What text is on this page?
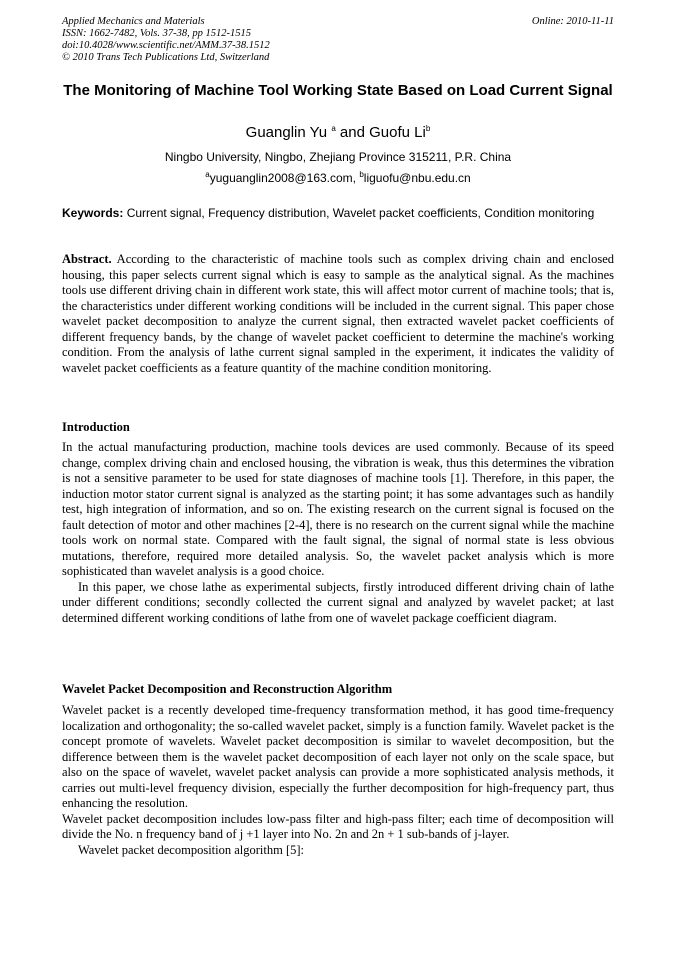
Applied Mechanics and Materials
ISSN: 1662-7482, Vols. 37-38, pp 1512-1515
doi:10.4028/www.scientific.net/AMM.37-38.1512
© 2010 Trans Tech Publications Ltd, Switzerland
Online: 2010-11-11
The Monitoring of Machine Tool Working State Based on Load Current Signal
Guanglin Yu $^a$ and Guofu Li$^b$
Ningbo University, Ningbo, Zhejiang Province 315211, P.R. China
$^a$yuguanglin2008@163.com, $^b$liguofu@nbu.edu.cn
Keywords: Current signal, Frequency distribution, Wavelet packet coefficients, Condition monitoring
Abstract. According to the characteristic of machine tools such as complex driving chain and enclosed housing, this paper selects current signal which is easy to sample as the analytical signal. As the machines tools use different driving chain in different work state, this will affect motor current of machine tools; that is, the characteristics under different working conditions will be included in the current signal. This paper chose wavelet packet decomposition to analyze the current signal, then extracted wavelet packet coefficients of different frequency bands, by the change of wavelet packet coefficient to determine the machine's working condition. From the analysis of lathe current signal sampled in the experiment, it indicates the validity of wavelet packet coefficients as a feature quantity of the machine condition monitoring.
Introduction

In the actual manufacturing production, machine tools devices are used commonly. Because of its speed change, complex driving chain and enclosed housing, the vibration is weak, thus this determines the vibration is not a sensitive parameter to be used for state diagnoses of machine tools [1]. Therefore, in this paper, the induction motor stator current signal is analyzed as the starting point; it has some advantages such as handily test, high integration of information, and so on. The existing research on the current signal is focused on the fault detection of motor and other machines [2-4], there is no research on the current signal while the machine tools work on normal state. Compared with the fault signal, the signal of normal state is less obvious mutations, therefore, required more detailed analysis. So, the wavelet packet analysis which is more sophisticated than wavelet analysis is a good choice.

In this paper, we chose lathe as experimental subjects, firstly introduced different driving chain of lathe under different conditions; secondly collected the current signal and analyzed by wavelet packet; at last determined different working conditions of lathe from one of wavelet package coefficient diagram.

Wavelet Packet Decomposition and Reconstruction Algorithm

Wavelet packet is a recently developed time-frequency transformation method, it has good time-frequency localization and orthogonality; the so-called wavelet packet, simply is a function family. Wavelet packet is the concept promote of wavelets. Wavelet packet decomposition is similar to wavelet decomposition, but the difference between them is the wavelet packet decomposition of each layer not only on the scale space, but also on the space of wavelet, wavelet packet analysis can provide a more sophisticated analysis methods, it carries out multi-level frequency division, especially the further decomposition for high-frequency part, thus enhancing the resolution.

Wavelet packet decomposition includes low-pass filter and high-pass filter; each time of decomposition will divide the No. n frequency band of j +1 layer into No. 2n and 2n + 1 sub-bands of j-layer.

Wavelet packet decomposition algorithm [5]:
